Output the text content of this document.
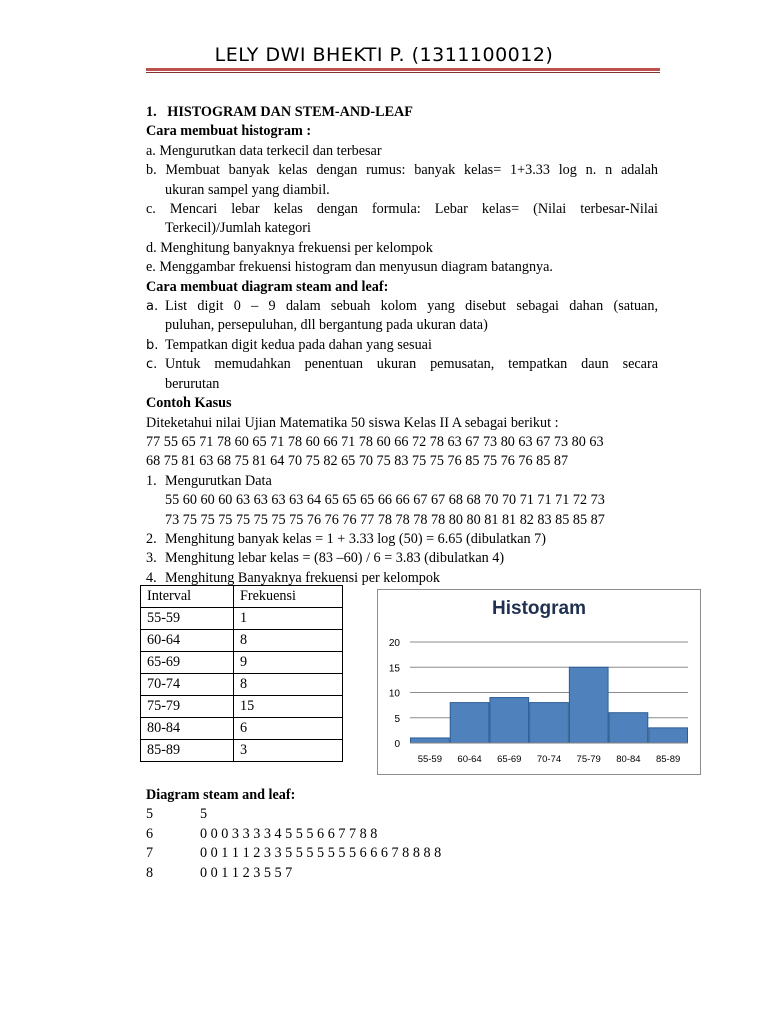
LELY DWI BHEKTI P. (1311100012)
1. HISTOGRAM DAN STEM-AND-LEAF
Cara membuat histogram :
a. Mengurutkan data terkecil dan terbesar
b. Membuat banyak kelas dengan rumus: banyak kelas= 1+3.33 log n. n adalah
ukuran sampel yang diambil.
c. Mencari lebar kelas dengan formula: Lebar kelas= (Nilai terbesar-Nilai
Terkecil)/Jumlah kategori
d. Menghitung banyaknya frekuensi per kelompok
e. Menggambar frekuensi histogram dan menyusun diagram batangnya.
Cara membuat diagram steam and leaf:
a. List digit 0 – 9 dalam sebuah kolom yang disebut sebagai dahan (satuan,
puluhan, persepuluhan, dll bergantung pada ukuran data)
b. Tempatkan digit kedua pada dahan yang sesuai
c. Untuk memudahkan penentuan ukuran pemusatan, tempatkan daun secara
berurutan
Contoh Kasus
Diteketahui nilai Ujian Matematika 50 siswa Kelas II A sebagai berikut :
77 55 65 71 78 60 65 71 78 60 66 71 78 60 66 72 78 63 67 73 80 63 67 73 80 63
68 75 81 63 68 75 81 64 70 75 82 65 70 75 83 75 75 76 85 75 76 76 85 87
1. Mengurutkan Data
55 60 60 60 63 63 63 63 64 65 65 65 66 66 67 67 68 68 70 70 71 71 71 72 73
73 75 75 75 75 75 75 75 76 76 76 77 78 78 78 78 80 80 81 81 82 83 85 85 87
2. Menghitung banyak kelas = 1 + 3.33 log (50) = 6.65 (dibulatkan 7)
3. Menghitung lebar kelas = (83 –60) / 6 = 3.83 (dibulatkan 4)
4. Menghitung Banyaknya frekuensi per kelompok
Interval	Frekuensi
55-59	1
60-64	8
65-69	9
70-74	8
75-79	15
80-84	6
85-89	3
Histogram
0
5
10
15
20
55-59 60-64 65-69 70-74 75-79 80-84 85-89
Diagram steam and leaf:
5	5
6	0 0 0 3 3 3 3 4 5 5 5 6 6 7 7 8 8
7	0 0 1 1 1 2 3 3 5 5 5 5 5 5 5 6 6 6 7 8 8 8 8
8	0 0 1 1 2 3 5 5 7
